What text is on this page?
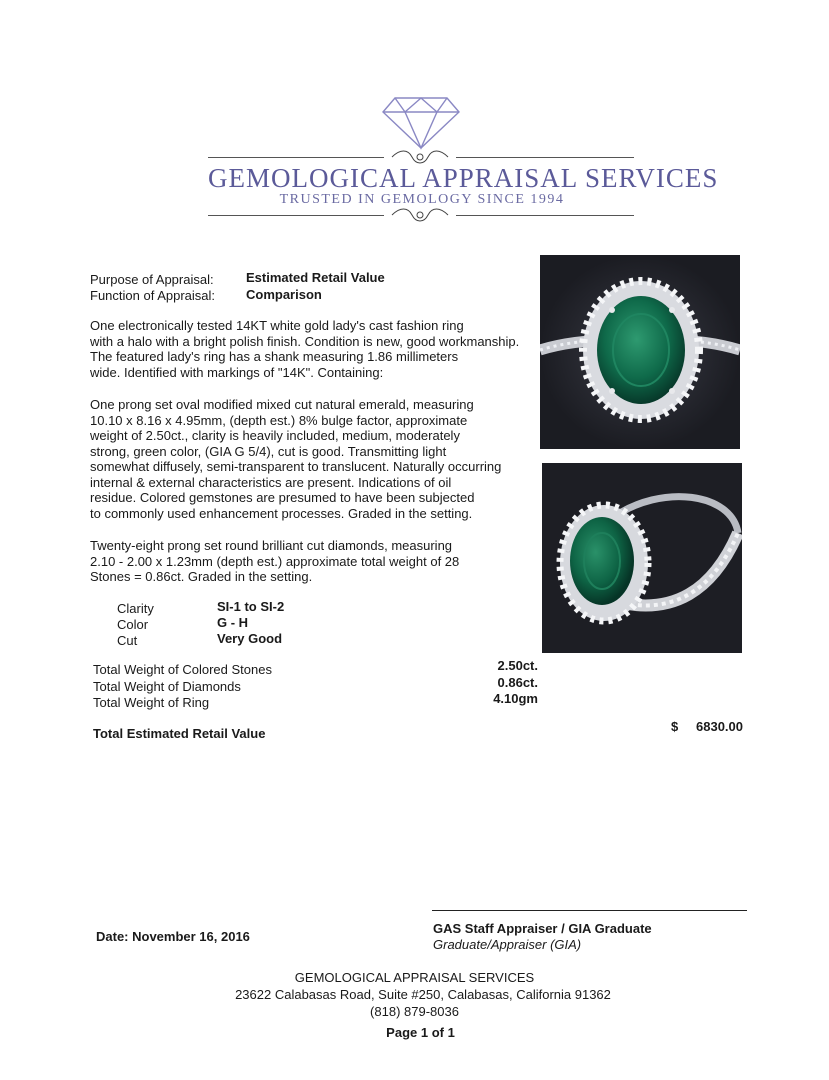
GEMOLOGICAL APPRAISAL SERVICES
TRUSTED IN GEMOLOGY SINCE 1994
Purpose of Appraisal: Estimated Retail Value
Function of Appraisal: Comparison
One electronically tested 14KT white gold lady's cast fashion ring
with a halo with a bright polish finish. Condition is new, good workmanship.
The featured lady's ring has a shank measuring 1.86 millimeters
wide. Identified with markings of "14K". Containing:
One prong set oval modified mixed cut natural emerald, measuring
10.10 x 8.16 x 4.95mm, (depth est.) 8% bulge factor, approximate
weight of 2.50ct., clarity is heavily included, medium, moderately
strong, green color, (GIA G 5/4), cut is good. Transmitting light
somewhat diffusely, semi-transparent to translucent. Naturally occurring
internal & external characteristics are present. Indications of oil
residue. Colored gemstones are presumed to have been subjected
to commonly used enhancement processes. Graded in the setting.
Twenty-eight prong set round brilliant cut diamonds, measuring
2.10 - 2.00 x 1.23mm (depth est.) approximate total weight of 28
Stones = 0.86ct. Graded in the setting.
Clarity	SI-1 to SI-2
Color	G - H
Cut	Very Good
Total Weight of Colored Stones	2.50ct.
Total Weight of Diamonds	0.86ct.
Total Weight of Ring	4.10gm
Total Estimated Retail Value	$	6830.00
Date: November 16, 2016
GAS Staff Appraiser / GIA Graduate
Graduate/Appraiser (GIA)
GEMOLOGICAL APPRAISAL SERVICES
23622 Calabasas Road, Suite #250, Calabasas, California 91362
(818) 879-8036
Page 1 of 1
